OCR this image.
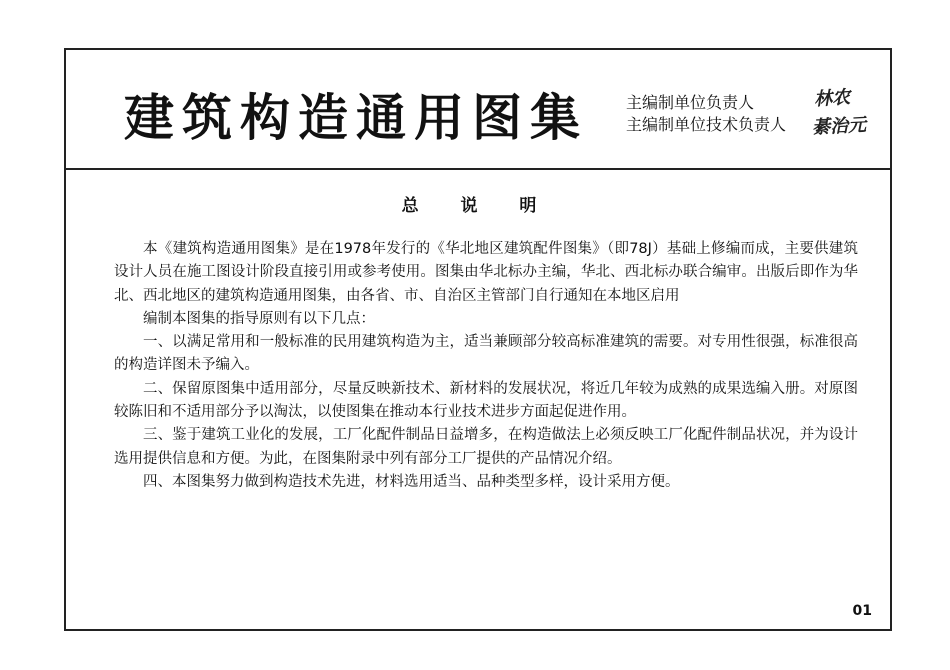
建筑构造通用图集 主编制单位负责人
主编制单位技术负责人
林农
綦治元
总 说 明

本《建筑构造通用图集》是在1978年发行的《华北地区建筑配件图集》（即78J）基础上修编而成，主要供建筑设计人员在施工图设计阶段直接引用或参考使用。图集由华北标办主编，华北、西北标办联合编审。出版后即作为华北、西北地区的建筑构造通用图集，由各省、市、自治区主管部门自行通知在本地区启用

编制本图集的指导原则有以下几点：

一、以满足常用和一般标准的民用建筑构造为主，适当兼顾部分较高标准建筑的需要。对专用性很强，标准很高的构造详图未予编入。

二、保留原图集中适用部分，尽量反映新技术、新材料的发展状况，将近几年较为成熟的成果选编入册。对原图较陈旧和不适用部分予以淘汰，以使图集在推动本行业技术进步方面起促进作用。

三、鉴于建筑工业化的发展，工厂化配件制品日益增多，在构造做法上必须反映工厂化配件制品状况，并为设计选用提供信息和方便。为此，在图集附录中列有部分工厂提供的产品情况介绍。

四、本图集努力做到构造技术先进，材料选用适当、品种类型多样，设计采用方便。

01
